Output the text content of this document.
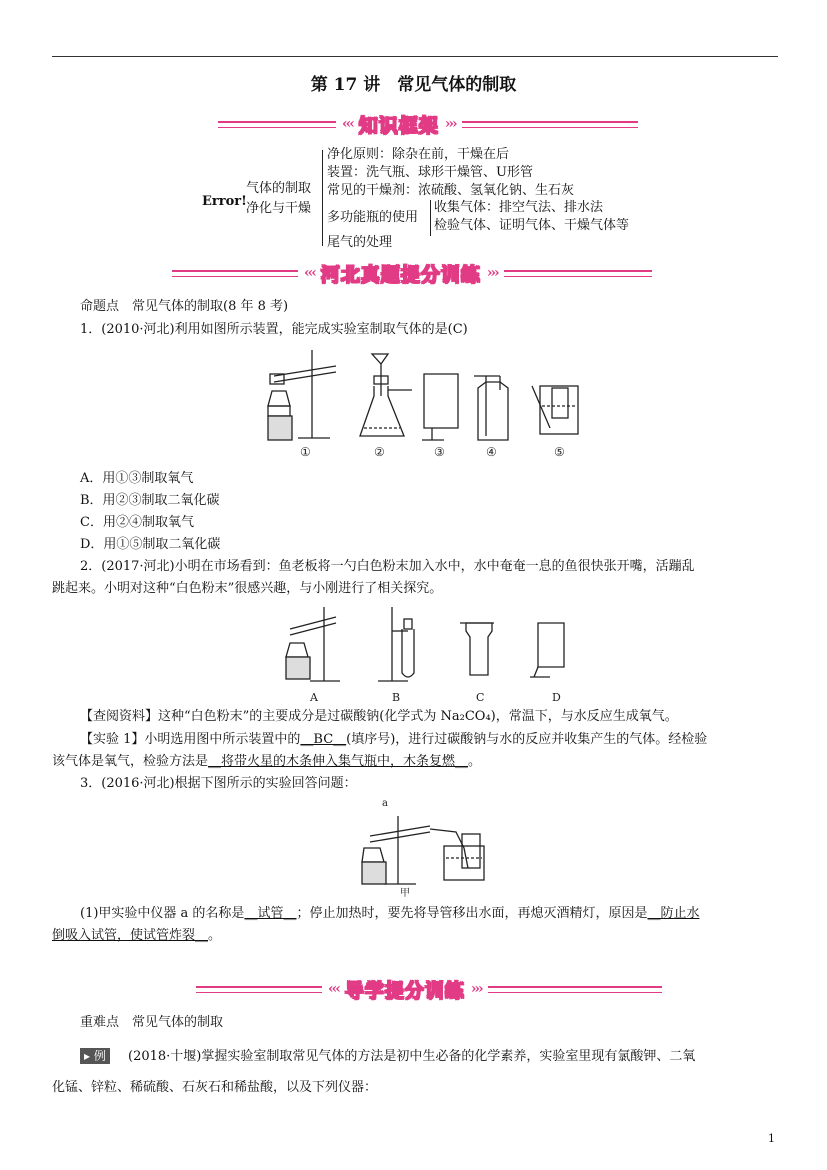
第 17 讲　常见气体的制取
‹‹‹ 知识框架 ›››
Error!
气体的制取
净化与干燥
净化原则：除杂在前，干燥在后
装置：洗气瓶、球形干燥管、U形管
常见的干燥剂：浓硫酸、氢氧化钠、生石灰
多功能瓶的使用
收集气体：排空气法、排水法
检验气体、证明气体、干燥气体等
尾气的处理
‹‹‹ 河北真题提分训练 ›››
命题点　常见气体的制取(8 年 8 考)
1．(2010·河北)利用如图所示装置，能完成实验室制取气体的是(C)
①	②	③	④	⑤
A．用①③制取氧气
B．用②③制取二氧化碳
C．用②④制取氧气
D．用①⑤制取二氧化碳
2．(2017·河北)小明在市场看到：鱼老板将一勺白色粉末加入水中，水中奄奄一息的鱼很快张开嘴，活蹦乱
跳起来。小明对这种“白色粉末”很感兴趣，与小刚进行了相关探究。
A	B	C	D
【查阅资料】这种“白色粉末”的主要成分是过碳酸钠(化学式为 Na₂CO₄)，常温下，与水反应生成氧气。
【实验 1】小明选用图中所示装置中的__BC__(填序号)，进行过碳酸钠与水的反应并收集产生的气体。经检验
该气体是氧气，检验方法是__将带火星的木条伸入集气瓶中，木条复燃__。
3．(2016·河北)根据下图所示的实验回答问题：
a
甲
(1)甲实验中仪器 a 的名称是__试管__；停止加热时，要先将导管移出水面，再熄灭酒精灯，原因是__防止水
倒吸入试管，使试管炸裂__。
‹‹‹ 导学提分训练 ›››
重难点　常见气体的制取
▸ 例 (2018·十堰)掌握实验室制取常见气体的方法是初中生必备的化学素养，实验室里现有氯酸钾、二氧
化锰、锌粒、稀硫酸、石灰石和稀盐酸，以及下列仪器：
1
